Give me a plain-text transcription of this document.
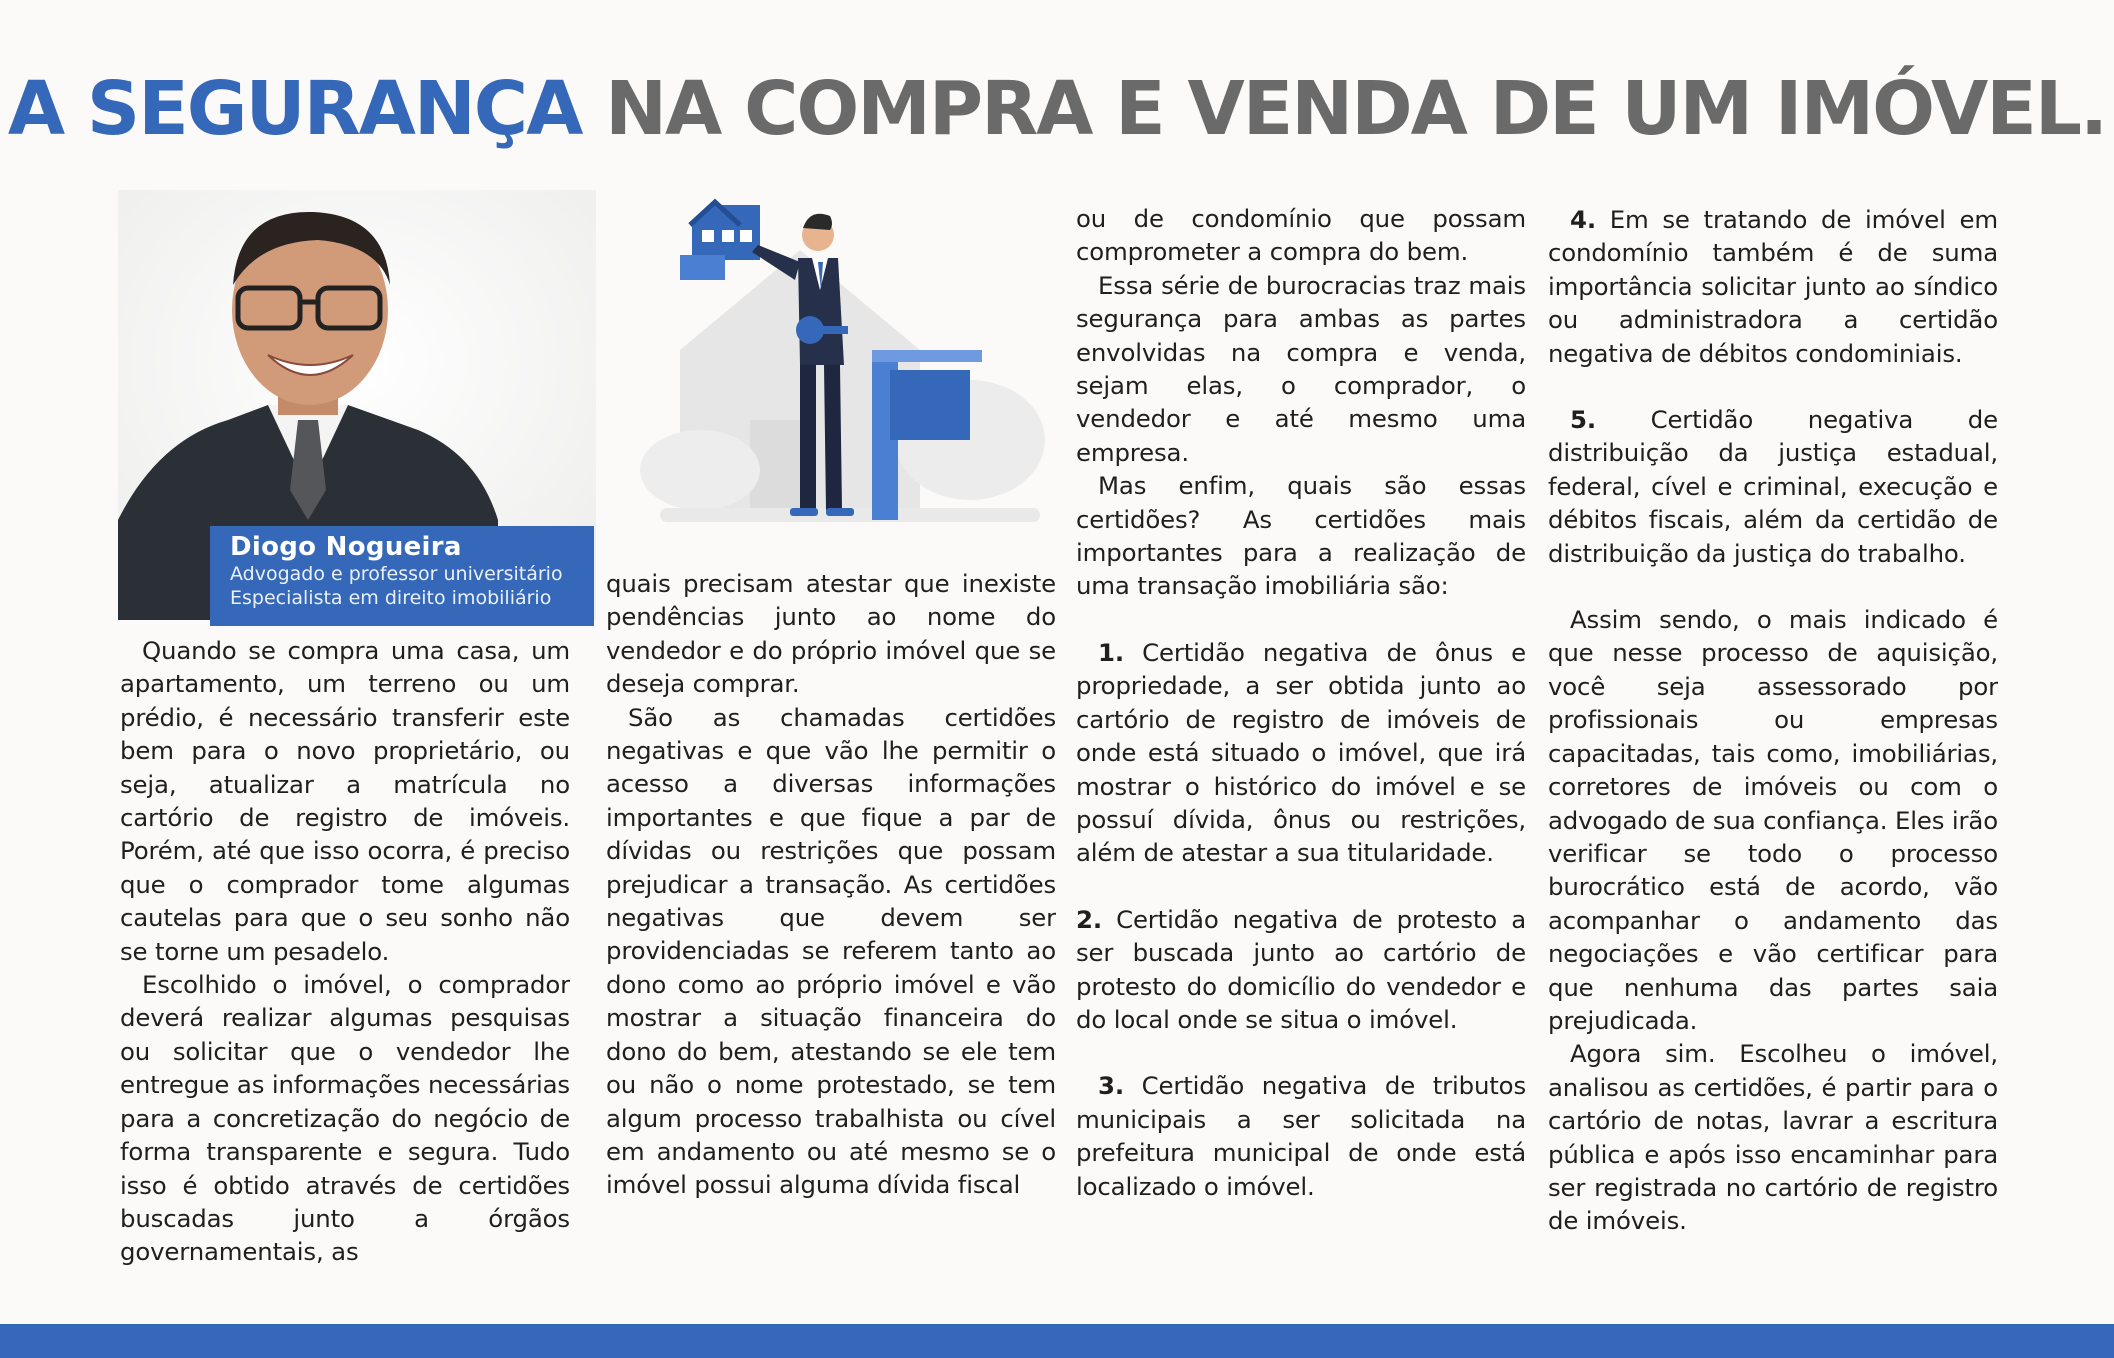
A SEGURANÇA NA COMPRA E VENDA DE UM IMÓVEL.
Diogo Nogueira
Advogado e professor universitário
Especialista em direito imobiliário

Quando se compra uma casa, um apartamento, um terreno ou um prédio, é necessário transferir este bem para o novo proprietário, ou seja, atualizar a matrícula no cartório de registro de imóveis. Porém, até que isso ocorra, é preciso que o comprador tome algumas cautelas para que o seu sonho não se torne um pesadelo.

Escolhido o imóvel, o comprador deverá realizar algumas pesquisas ou solicitar que o vendedor lhe entregue as informações necessárias para a concretização do negócio de forma transparente e segura. Tudo isso é obtido através de certidões buscadas junto a órgãos governamentais, as

quais precisam atestar que inexiste pendências junto ao nome do vendedor e do próprio imóvel que se deseja comprar.

São as chamadas certidões negativas e que vão lhe permitir o acesso a diversas informações importantes e que fique a par de dívidas ou restrições que possam prejudicar a transação. As certidões negativas que devem ser providenciadas se referem tanto ao dono como ao próprio imóvel e vão mostrar a situação financeira do dono do bem, atestando se ele tem ou não o nome protestado, se tem algum processo trabalhista ou cível em andamento ou até mesmo se o imóvel possui alguma dívida fiscal

ou de condomínio que possam comprometer a compra do bem.

Essa série de burocracias traz mais segurança para ambas as partes envolvidas na compra e venda, sejam elas, o comprador, o vendedor e até mesmo uma empresa.

Mas enfim, quais são essas certidões? As certidões mais importantes para a realização de uma transação imobiliária são:

1. Certidão negativa de ônus e propriedade, a ser obtida junto ao cartório de registro de imóveis de onde está situado o imóvel, que irá mostrar o histórico do imóvel e se possuí dívida, ônus ou restrições, além de atestar a sua titularidade.

2. Certidão negativa de protesto a ser buscada junto ao cartório de protesto do domicílio do vendedor e do local onde se situa o imóvel.

3. Certidão negativa de tributos municipais a ser solicitada na prefeitura municipal de onde está localizado o imóvel.

4. Em se tratando de imóvel em condomínio também é de suma importância solicitar junto ao síndico ou administradora a certidão negativa de débitos condominiais.

5. Certidão negativa de distribuição da justiça estadual, federal, cível e criminal, execução e débitos fiscais, além da certidão de distribuição da justiça do trabalho.

Assim sendo, o mais indicado é que nesse processo de aquisição, você seja assessorado por profissionais ou empresas capacitadas, tais como, imobiliárias, corretores de imóveis ou com o advogado de sua confiança. Eles irão verificar se todo o processo burocrático está de acordo, vão acompanhar o andamento das negociações e vão certificar para que nenhuma das partes saia prejudicada.

Agora sim. Escolheu o imóvel, analisou as certidões, é partir para o cartório de notas, lavrar a escritura pública e após isso encaminhar para ser registrada no cartório de registro de imóveis.
